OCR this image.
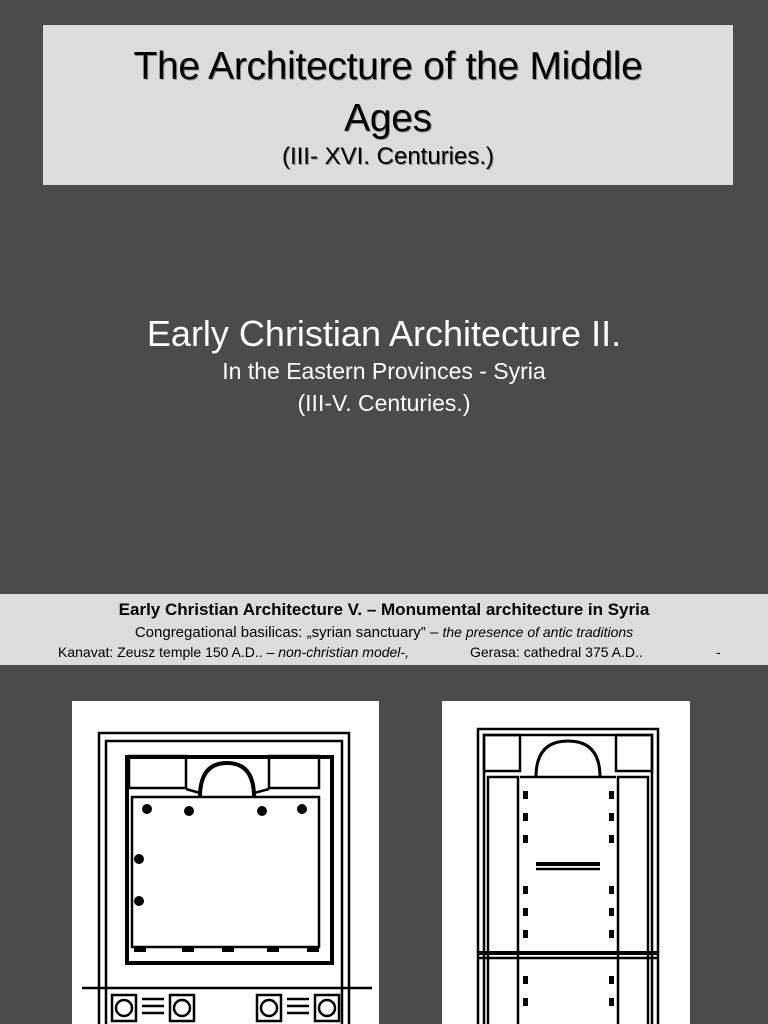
The Architecture of the Middle
Ages
(III- XVI. Centuries.)
Early Christian Architecture II.
In the Eastern Provinces - Syria
(III-V. Centuries.)
Early Christian Architecture V. – Monumental architecture in Syria
Congregational basilicas: „syrian sanctuary” – the presence of antic traditions
Kanavat: Zeusz temple 150 A.D.. – non-christian model-,	Gerasa: cathedral 375 A.D..	-
